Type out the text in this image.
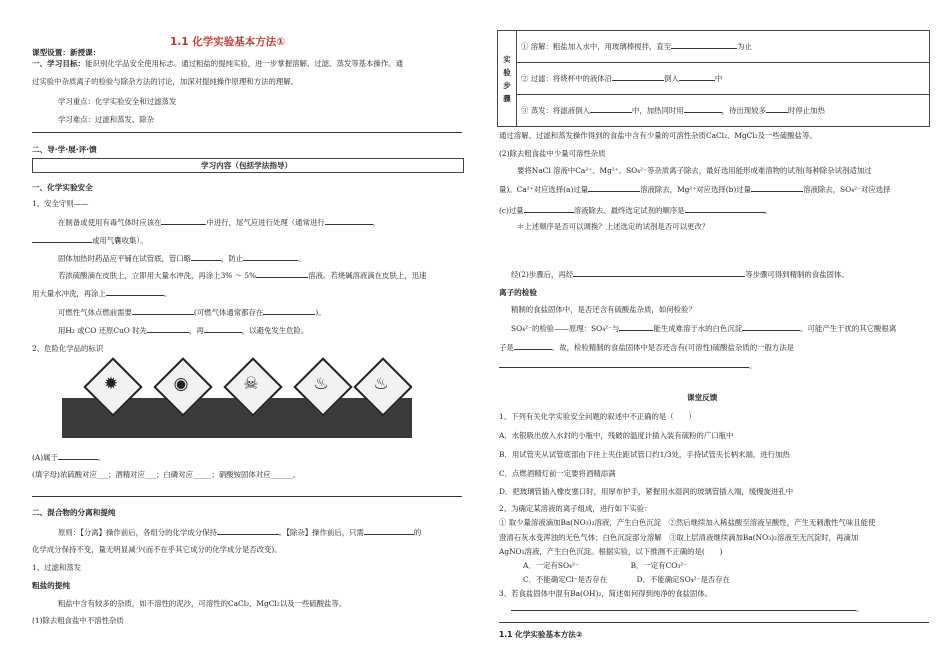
1.1 化学实验基本方法①
课型设置：新授课：
一、学习目标：能识别化学品安全使用标志。通过粗盐的提纯实验，进一步掌握溶解、过滤、蒸发等基本操作。通
过实验中杂质离子的检验与除杂方法的讨论，加深对提纯操作原理和方法的理解。
学习重点：化学实验安全和过滤蒸发
学习难点：过滤和蒸发、除杂
二、导·学·展·评·馈
学习内容（包括学法指导）
一、化学实验安全
1、安全守则——
在制备或使用有毒气体时应该在	中进行，尾气应进行处理（通常进行	，
或用气囊收集）。
固体加热时药品应平铺在试管底，管口略	，防止	。
若浓硫酸滴在皮肤上，立即用大量水冲洗，再涂上3% ～ 5%	溶液。若烧碱溶液滴在皮肤上，迅速
用大量水冲洗，再涂上	。
可燃性气体点燃前需要	(可燃气体通常都存在	)。
用H₂ 或CO 还原CuO 时先	，再	，以避免发生危险。
2、危险化学品的标识
✹	◉	☠	♨	♨
(A)属于	。
(填字母)浓硫酸对应___；酒精对应___；白磷对应_____；硝酸铵固体对应______。
二、混合物的分离和提纯
原则：【分离】操作前后，各组分的化学成分保持	。【除杂】操作前后，只需	的
化学成分保持不变，量无明显减少(而不在乎其它成分的化学成分是否改变)。
1、过滤和蒸发
粗盐的提纯
粗盐中含有较多的杂质，如不溶性的泥沙，可溶性的CaCl₂、MgCl₂以及一些硫酸盐等。
(1)除去粗食盐中不溶性杂质
实 验 步 骤	① 溶解：粗盐加入水中，用玻璃棒搅拌，直至	为止
② 过滤：将烧杯中的液体沿	倒入	中
③ 蒸发：将滤液倒入	中，加热同时用	，待出现较多	时停止加热
通过溶解、过滤和蒸发操作得到的食盐中含有少量的可溶性杂质CaCl₂、MgCl₂及一些硫酸盐等。
(2)除去粗食盐中少量可溶性杂质
要将NaCl 溶液中Ca²⁺、Mg²⁺、SO₄²⁻等杂质离子除去，最好选用能形成难溶物的试剂(每种除杂试剂适加过
量)。Ca²⁺对应选择(a)过量	溶液除去，Mg²⁺对应选择(b)过量	溶液除去，SO₄²⁻对应选择
(c)过量	溶液除去、最终选定试剂的顺序是	。
＊上述顺序是否可以调换？上述选定的试剂是否可以更改？
经(2)步骤后，再经	等步骤可得到精制的食盐固体。
离子的检验
精制的食盐固体中，是否还含有硫酸盐杂质，如何检验？
SO₄²⁻的检验——原理：SO₄²⁻与	能生成难溶于水的白色沉淀	。可能产生干扰的其它酸根离
子是	。故，检验精制的食盐固体中是否还含有(可溶性)硫酸盐杂质的一般方法是
。
课堂反馈
1、下列有关化学实验安全问题的叙述中不正确的是（　　）
A．水银吸出放入水封的小瓶中，残破的温度计插入装有硫粉的广口瓶中
B．用试管夹从试管底部由下往上夹住距试管口约1/3处，手持试管夹长柄末端，进行加热
C．点燃酒精灯前一定要将酒精添满
D．把玻璃管插入橡皮塞口时，用厚布护手，紧握用水湿润的玻璃管插入端，缓慢旋进孔中
2、为确定某溶液的离子组成，进行如下实验：
① 取少量溶液滴加Ba(NO₃)₂溶液，产生白色沉淀　②然后继续加入稀盐酸至溶液呈酸性，产生无刺激性气味且能使
澄清石灰水变浑浊的无色气体；白色沉淀部分溶解　③取上层清液继续滴加Ba(NO₃)₂溶液至无沉淀时，再滴加
AgNO₃溶液，产生白色沉淀。根据实验，以下推测不正确的是(　　)
A．一定有SO₄²⁻　　　　　　　B．一定有CO₃²⁻
C．不能确定Cl⁻是否存在　　　　D．不能确定SO₄²⁻是否存在
3、若食盐固体中混有Ba(OH)₂，简述如何得到纯净的食盐固体。
。
1.1 化学实验基本方法②
